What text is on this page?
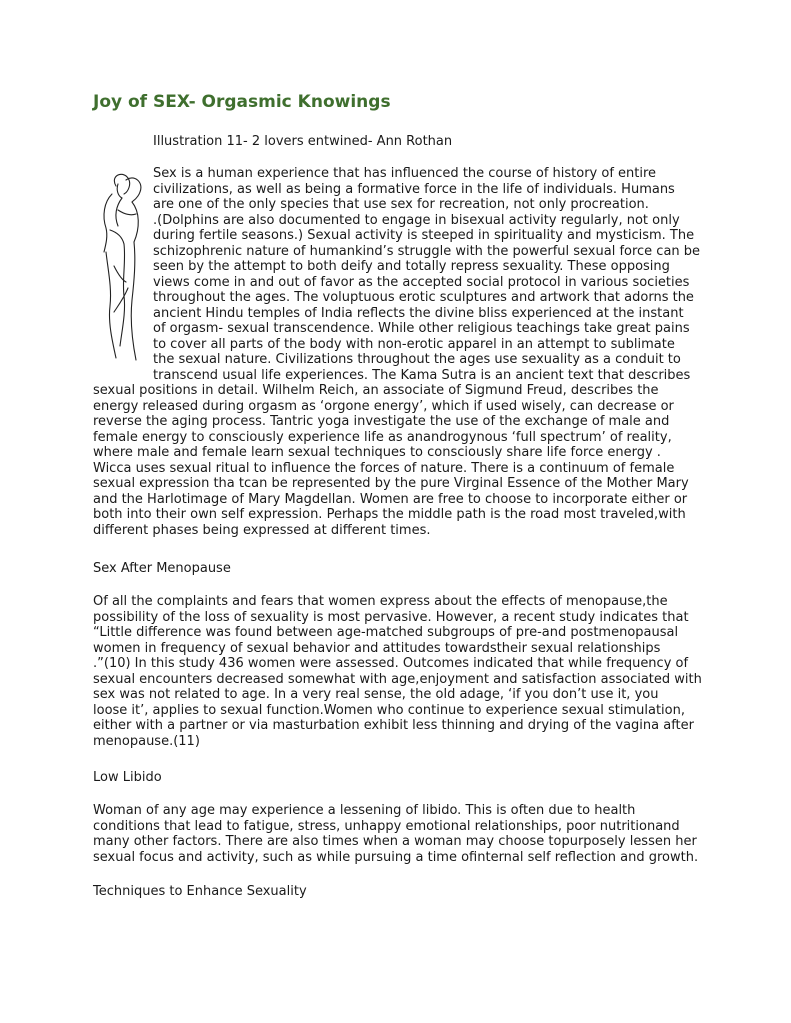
Joy of SEX- Orgasmic Knowings

Illustration 11- 2 lovers entwined- Ann Rothan

Sex is a human experience that has influenced the course of history of entire
civilizations, as well as being a formative force in the life of individuals. Humans
are one of the only species that use sex for recreation, not only procreation.
.(Dolphins are also documented to engage in bisexual activity regularly, not only
during fertile seasons.) Sexual activity is steeped in spirituality and mysticism. The
schizophrenic nature of humankind’s struggle with the powerful sexual force can be
seen by the attempt to both deify and totally repress sexuality. These opposing
views come in and out of favor as the accepted social protocol in various societies
throughout the ages. The voluptuous erotic sculptures and artwork that adorns the
ancient Hindu temples of India reflects the divine bliss experienced at the instant
of orgasm- sexual transcendence. While other religious teachings take great pains
to cover all parts of the body with non-erotic apparel in an attempt to sublimate
the sexual nature. Civilizations throughout the ages use sexuality as a conduit to
transcend usual life experiences. The Kama Sutra is an ancient text that describes
sexual positions in detail. Wilhelm Reich, an associate of Sigmund Freud, describes the
energy released during orgasm as ‘orgone energy’, which if used wisely, can decrease or
reverse the aging process. Tantric yoga investigate the use of the exchange of male and
female energy to consciously experience life as anandrogynous ‘full spectrum’ of reality,
where male and female learn sexual techniques to consciously share life force energy .
Wicca uses sexual ritual to influence the forces of nature. There is a continuum of female
sexual expression tha tcan be represented by the pure Virginal Essence of the Mother Mary
and the Harlotimage of Mary Magdellan. Women are free to choose to incorporate either or
both into their own self expression. Perhaps the middle path is the road most traveled,with
different phases being expressed at different times.
Sex After Menopause
Of all the complaints and fears that women express about the effects of menopause,the
possibility of the loss of sexuality is most pervasive. However, a recent study indicates that
“Little difference was found between age-matched subgroups of pre-and postmenopausal
women in frequency of sexual behavior and attitudes towardstheir sexual relationships
.”(10) In this study 436 women were assessed. Outcomes indicated that while frequency of
sexual encounters decreased somewhat with age,enjoyment and satisfaction associated with
sex was not related to age. In a very real sense, the old adage, ‘if you don’t use it, you
loose it’, applies to sexual function.Women who continue to experience sexual stimulation,
either with a partner or via masturbation exhibit less thinning and drying of the vagina after
menopause.(11)
Low Libido
Woman of any age may experience a lessening of libido. This is often due to health
conditions that lead to fatigue, stress, unhappy emotional relationships, poor nutritionand
many other factors. There are also times when a woman may choose topurposely lessen her
sexual focus and activity, such as while pursuing a time ofinternal self reflection and growth.
Techniques to Enhance Sexuality
